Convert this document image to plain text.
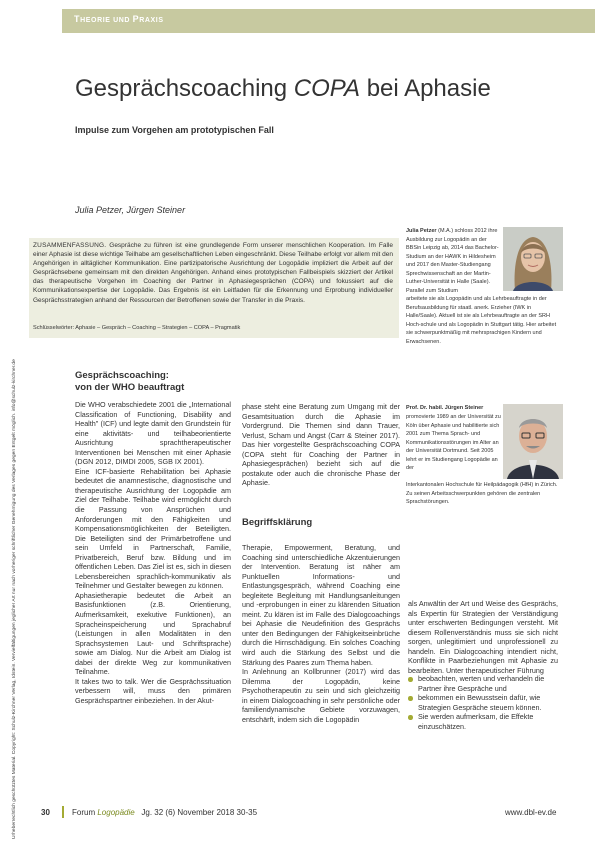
THEORIE UND PRAXIS
Urheberrechtlich geschütztes Material. Copyright: Schulz-Kirchner Verlag, Idstein. Vervielfältigungen jeglicher Art nur nach vorheriger schriftlicher Genehmigung des Verlages gegen Entgelt möglich. info@schulz-kirchner.de
Gesprächscoaching COPA bei Aphasie
Impulse zum Vorgehen am prototypischen Fall
Julia Petzer, Jürgen Steiner
ZUSAMMENFASSUNG. Gespräche zu führen ist eine grundlegende Form unserer menschlichen Kooperation. Im Falle einer Aphasie ist diese wichtige Teilhabe am gesellschaftlichen Leben eingeschränkt. Diese Teilhabe erfolgt vor allem mit den Angehörigen in alltäglicher Kommunikation. Eine partizipatorische Ausrichtung der Logopädie impliziert die Arbeit auf der Gesprächsebene gemeinsam mit den direkten Angehörigen. Anhand eines prototypischen Fallbeispiels skizziert der Artikel das therapeutische Vorgehen im Coaching der Partner in Aphasiegesprächen (COPA) und fokussiert auf die Kommunikationsexpertise der Logopädie. Das Ergebnis ist ein Leitfaden für die Erkennung und Erprobung individueller Gesprächsstrategien anhand der Ressourcen der Betroffenen sowie der Transfer in die Praxis.
Schlüsselwörter: Aphasie – Gespräch – Coaching – Strategien – COPA – Pragmatik
Gesprächscoaching:
von der WHO beauftragt

Die WHO verabschiedete 2001 die „International Classification of Functioning, Disability and Health" (ICF) und legte damit den Grundstein für eine aktivitäts- und teilhabeorientierte Ausrichtung sprachtherapeutischer Interventionen bei Menschen mit einer Aphasie (DGN 2012, DIMDI 2005, SGB IX 2001).

Eine ICF-basierte Rehabilitation bei Aphasie bedeutet die anamnestische, diagnostische und therapeutische Ausrichtung der Logopädie am Ziel der Teilhabe. Teilhabe wird ermöglicht durch die Passung von Ansprüchen und Anforderungen mit den Fähigkeiten und Kompensationsmöglichkeiten der Beteiligten. Die Beteiligten sind der Primärbetroffene und sein Umfeld in Partnerschaft, Familie, Privatbereich, Beruf bzw. Bildung und im öffentlichen Leben. Das Ziel ist es, sich in diesen Lebensbereichen sprachlich-kommunikativ als Teilnehmer und Gestalter bewegen zu können.

Aphasietherapie bedeutet die Arbeit an Basisfunktionen (z.B. Orientierung, Aufmerksamkeit, exekutive Funktionen), an Spracheinspeicherung und Sprachabruf (Leistungen in allen Modalitäten in den Sprachsystemen Laut- und Schriftsprache) sowie am Dialog. Nur die Arbeit am Dialog ist dabei der direkte Weg zur kommunikativen Teilnahme.

It takes two to talk. Wer die Gesprächssituation verbessern will, muss den primären Gesprächspartner einbeziehen. In der Akut-

phase steht eine Beratung zum Umgang mit der Gesamtsituation durch die Aphasie im Vordergrund. Die Themen sind dann Trauer, Verlust, Scham und Angst (Carr & Steiner 2017). Das hier vorgestellte Gesprächscoaching COPA (COPA steht für Coaching der Partner in Aphasiegesprächen) bezieht sich auf die postakute oder auch die chronische Phase der Aphasie.
Begriffsklärung

Therapie, Empowerment, Beratung, und Coaching sind unterschiedliche Akzentuierungen der Intervention. Beratung ist näher am Punktuellen Informations- und Entlastungsgespräch, während Coaching eine begleitete Begleitung mit Handlungsanleitungen und -erprobungen in einer zu klärenden Situation meint. Zu klären ist im Falle des Dialogcoachings bei Aphasie die Neudefinition des Gesprächs unter den Bedingungen der Fähigkeitseinbrüche durch die Hirnschädigung. Ein solches Coaching wird auch die Stärkung des Selbst und die Stärkung des Paares zum Thema haben.

In Anlehnung an Kollbrunner (2017) wird das Dilemma der Logopädin, keine Psychotherapeutin zu sein und sich gleichzeitig in einem Dialogcoaching in sehr persönliche oder familiendynamische Gebiete vorzuwagen, entschärft, indem sich die Logopädin

als Anwältin der Art und Weise des Gesprächs, als Expertin für Strategien der Verständigung unter erschwerten Bedingungen versteht. Mit diesem Rollenverständnis muss sie sich nicht sorgen, unlegitimiert und unprofessionell zu handeln. Ein Dialogcoaching intendiert nicht, Konflikte in Paarbeziehungen mit Aphasie zu bearbeiten. Unter therapeutischer Führung
beobachten, werten und verhandeln die Partner ihre Gespräche und
bekommen ein Bewusstsein dafür, wie Strategien Gespräche steuern können.
Sie werden aufmerksam, die Effekte einzuschätzen.
Julia Petzer (M.A.) schloss 2012 ihre Ausbildung zur Logopädin an der BBSin Leipzig ab, 2014 das Bachelor-Studium an der HAWK in Hildesheim und 2017 den Master-Studiengang Sprechwissenschaft an der Martin-Luther-Universität in Halle (Saale). Parallel zum Studium
arbeitete sie als Logopädin und als Lehrbeauftragte in der Berufsausbildung für staatl. anerk. Erzieher (IWK in Halle/Saale). Aktuell ist sie als Lehrbeauftragte an der SRH Hoch-schule und als Logopädin in Stuttgart tätig. Hier arbeitet sie schwerpunktmäßig mit mehrsprachigen Kindern und Erwachsenen.
Prof. Dr. habil. Jürgen Steiner
promovierte 1989 an der Universität zu Köln über Aphasie und habilitierte sich 2001 zum Thema Sprach- und Kommunikationsstörungen im Alter an der Universität Dortmund. Seit 2005 lehrt er im Studiengang Logopädie an der
Interkantonalen Hochschule für Heilpädagogik (HfH) in Zürich. Zu seinen Arbeitsschwerpunkten gehören die zentralen Sprachstörungen.
30	Forum Logopädie Jg. 32 (6) November 2018 30-35	www.dbl-ev.de
